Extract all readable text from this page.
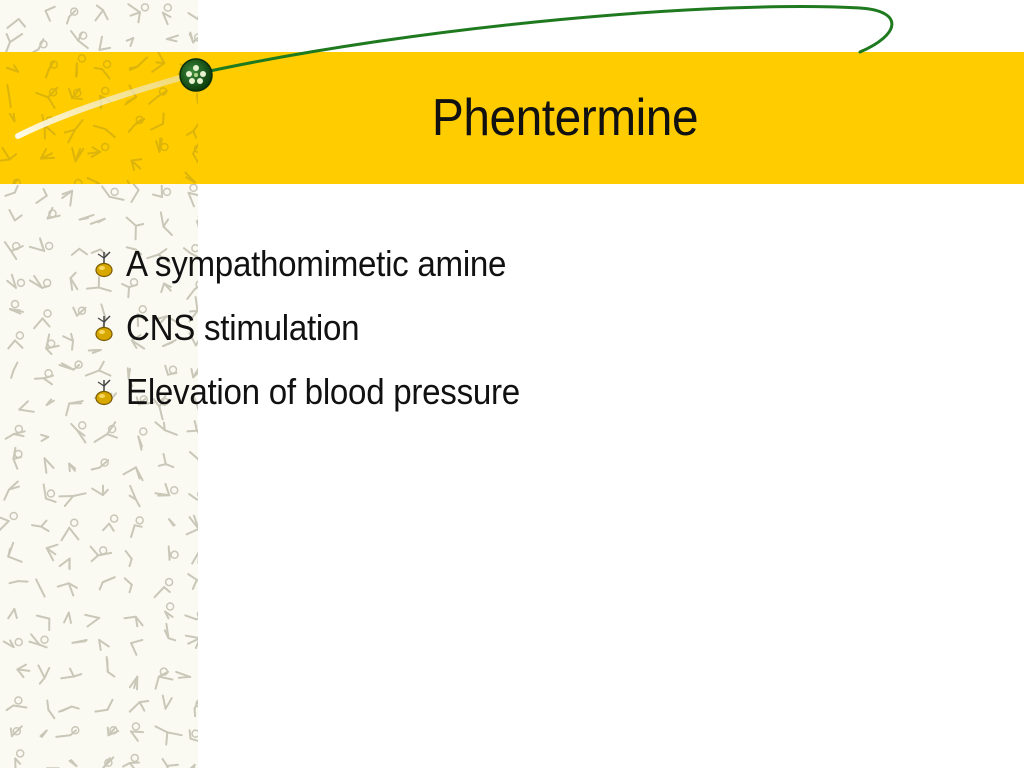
Phentermine
A sympathomimetic amine
CNS stimulation
Elevation of blood pressure
